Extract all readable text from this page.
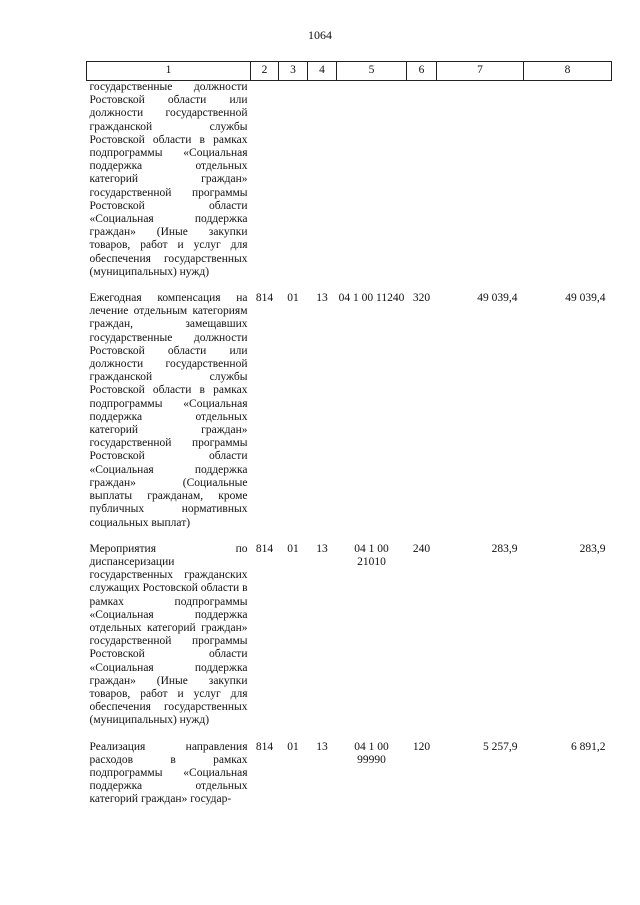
1064
1	2	3	4	5	6	7	8
государственные должности Ростовской области или должности государственной гражданской службы Ростовской области в рамках подпрограммы «Социальная поддержка отдельных категорий граждан» государственной программы Ростовской области «Социальная поддержка граждан» (Иные закупки товаров, работ и услуг для обеспечения государственных (муниципальных) нужд)							
Ежегодная компенсация на лечение отдельным категориям граждан, замещавших государственные должности Ростовской области или должности государственной гражданской службы Ростовской области в рамках подпрограммы «Социальная поддержка отдельных категорий граждан» государственной программы Ростовской области «Социальная поддержка граждан» (Социальные выплаты гражданам, кроме публичных нормативных социальных выплат)	814	01	13	04 1 00 11240	320	49 039,4	49 039,4
Мероприятия по диспансеризации государственных гражданских служащих Ростовской области в рамках подпрограммы «Социальная поддержка отдельных категорий граждан» государственной программы Ростовской области «Социальная поддержка граждан» (Иные закупки товаров, работ и услуг для обеспечения государственных (муниципальных) нужд)	814	01	13	04 1 00 21010	240	283,9	283,9
Реализация направления расходов в рамках подпрограммы «Социальная поддержка отдельных категорий граждан» государ-	814	01	13	04 1 00 99990	120	5 257,9	6 891,2
